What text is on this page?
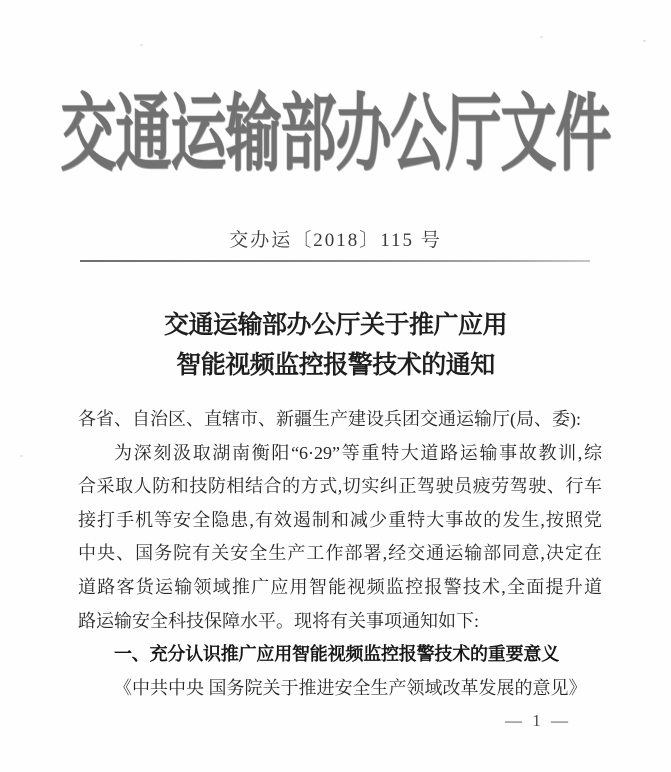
交通运输部办公厅文件
交办运〔2018〕115 号
交通运输部办公厅关于推广应用
智能视频监控报警技术的通知
各省、自治区、直辖市、新疆生产建设兵团交通运输厅(局、委):
为深刻汲取湖南衡阳“6·29”等重特大道路运输事故教训,综
合采取人防和技防相结合的方式,切实纠正驾驶员疲劳驾驶、行车
接打手机等安全隐患,有效遏制和减少重特大事故的发生,按照党
中央、国务院有关安全生产工作部署,经交通运输部同意,决定在
道路客货运输领域推广应用智能视频监控报警技术,全面提升道
路运输安全科技保障水平。现将有关事项通知如下:
一、充分认识推广应用智能视频监控报警技术的重要意义
《中共中央 国务院关于推进安全生产领域改革发展的意见》
— 1 —
